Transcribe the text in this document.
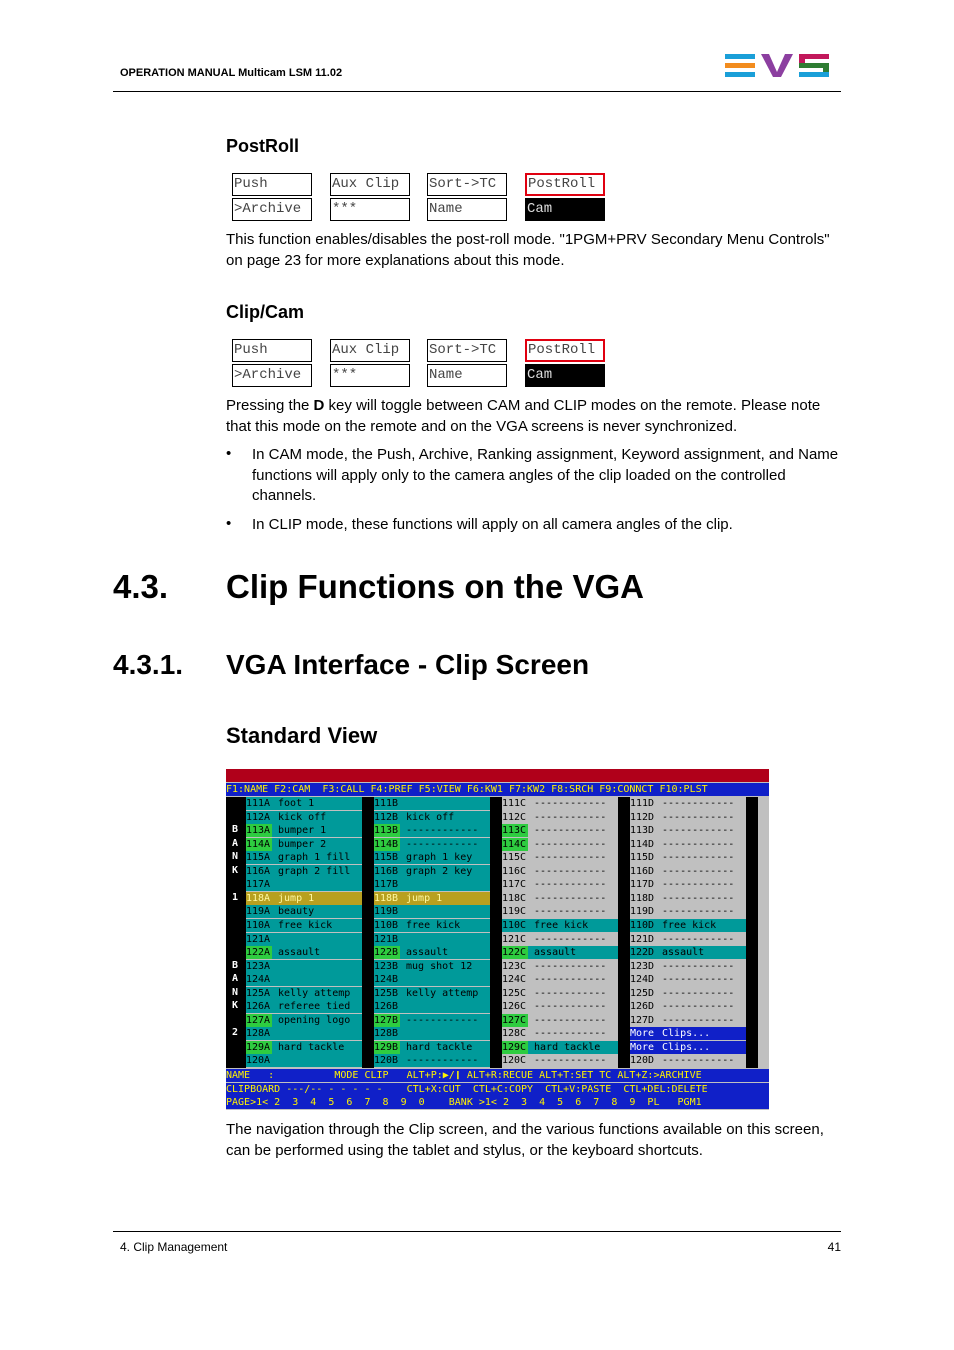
OPERATION MANUAL Multicam LSM 11.02
PostRoll
Push
>Archive
Aux Clip
***
Sort->TC
Name
PostRoll
Cam
This function enables/disables the post-roll mode. "1PGM+PRV Secondary Menu Controls" on page 23 for more explanations about this mode.
Clip/Cam
Push
>Archive
Aux Clip
***
Sort->TC
Name
PostRoll
Cam
Pressing the D key will toggle between CAM and CLIP modes on the remote. Please note that this mode on the remote and on the VGA screens is never synchronized.
• In CAM mode, the Push, Archive, Ranking assignment, Keyword assignment, and Name functions will apply only to the camera angles of the clip loaded on the controlled channels.
• In CLIP mode, these functions will apply on all camera angles of the clip.
4.3. Clip Functions on the VGA
4.3.1. VGA Interface - Clip Screen
Standard View

F1:NAME F2:CAM  F3:CALL F4:PREF F5:VIEW F6:KW1 F7:KW2 F8:SRCH F9:CONNCT F10:PLST
B
A
N
K
1
B
A
N
K
2
111A foot 1
112A kick off
113A bumper 1
114A bumper 2
115A graph 1 fill
116A graph 2 fill
117A
118A jump 1
119A beauty
110A free kick
121A
122A assault
123A
124A
125A kelly attemp
126A referee tied
127A opening logo
128A
129A hard tackle
120A
111B
112B kick off
113B ------------
114B ------------
115B graph 1 key
116B graph 2 key
117B
118B jump 1
119B
110B free kick
121B
122B assault
123B mug shot 12
124B
125B kelly attemp
126B
127B ------------
128B
129B hard tackle
120B ------------
111C ------------
112C ------------
113C ------------
114C ------------
115C ------------
116C ------------
117C ------------
118C ------------
119C ------------
110C free kick
121C ------------
122C assault
123C ------------
124C ------------
125C ------------
126C ------------
127C ------------
128C ------------
129C hard tackle
120C ------------
111D ------------
112D ------------
113D ------------
114D ------------
115D ------------
116D ------------
117D ------------
118D ------------
119D ------------
110D free kick
121D ------------
122D assault
123D ------------
124D ------------
125D ------------
126D ------------
127D ------------
More Clips...
More Clips...
120D ------------
NAME   :          MODE CLIP   ALT+P:▶/❙ ALT+R:RECUE ALT+T:SET TC ALT+Z:>ARCHIVE
CLIPBOARD ---/-- - - - - -    CTL+X:CUT  CTL+C:COPY  CTL+V:PASTE  CTL+DEL:DELETE
PAGE>1< 2  3  4  5  6  7  8  9  0    BANK >1< 2  3  4  5  6  7  8  9  PL   PGM1
The navigation through the Clip screen, and the various functions available on this screen, can be performed using the tablet and stylus, or the keyboard shortcuts.
4. Clip Management	41
